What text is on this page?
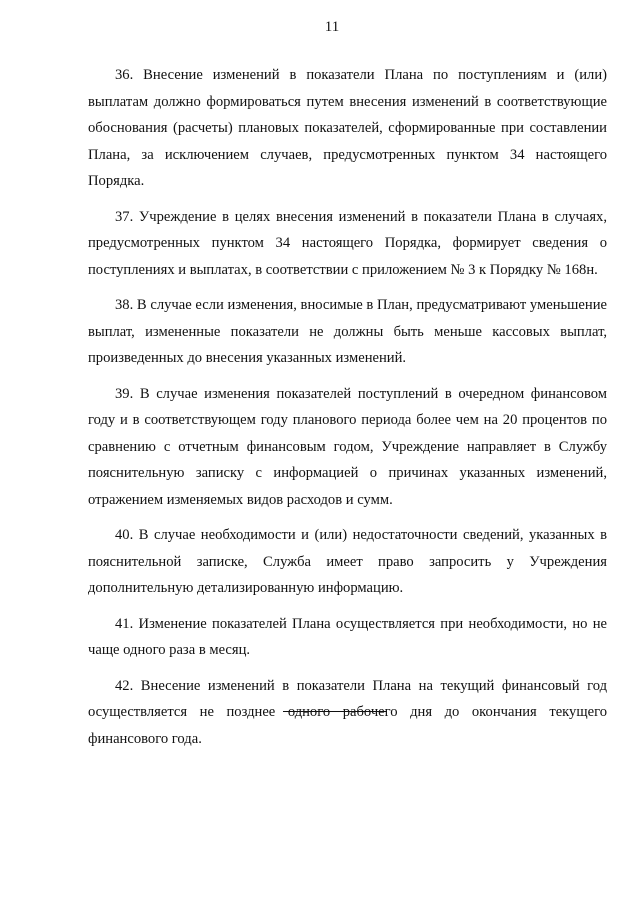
11

36. Внесение изменений в показатели Плана по поступлениям и (или) выплатам должно формироваться путем внесения изменений в соответствующие обоснования (расчеты) плановых показателей, сформированные при составлении Плана, за исключением случаев, предусмотренных пунктом 34 настоящего Порядка.

37. Учреждение в целях внесения изменений в показатели Плана в случаях, предусмотренных пунктом 34 настоящего Порядка, формирует сведения о поступлениях и выплатах, в соответствии с приложением № 3 к Порядку № 168н.

38. В случае если изменения, вносимые в План, предусматривают уменьшение выплат, измененные показатели не должны быть меньше кассовых выплат, произведенных до внесения указанных изменений.

39. В случае изменения показателей поступлений в очередном финансовом году и в соответствующем году планового периода более чем на 20 процентов по сравнению с отчетным финансовым годом, Учреждение направляет в Службу пояснительную записку с информацией о причинах указанных изменений, отражением изменяемых видов расходов и сумм.

40. В случае необходимости и (или) недостаточности сведений, указанных в пояснительной записке, Служба имеет право запросить у Учреждения дополнительную детализированную информацию.

41. Изменение показателей Плана осуществляется при необходимости, но не чаще одного раза в месяц.

42. Внесение изменений в показатели Плана на текущий финансовый год осуществляется не позднее одного рабочего дня до окончания текущего финансового года.
